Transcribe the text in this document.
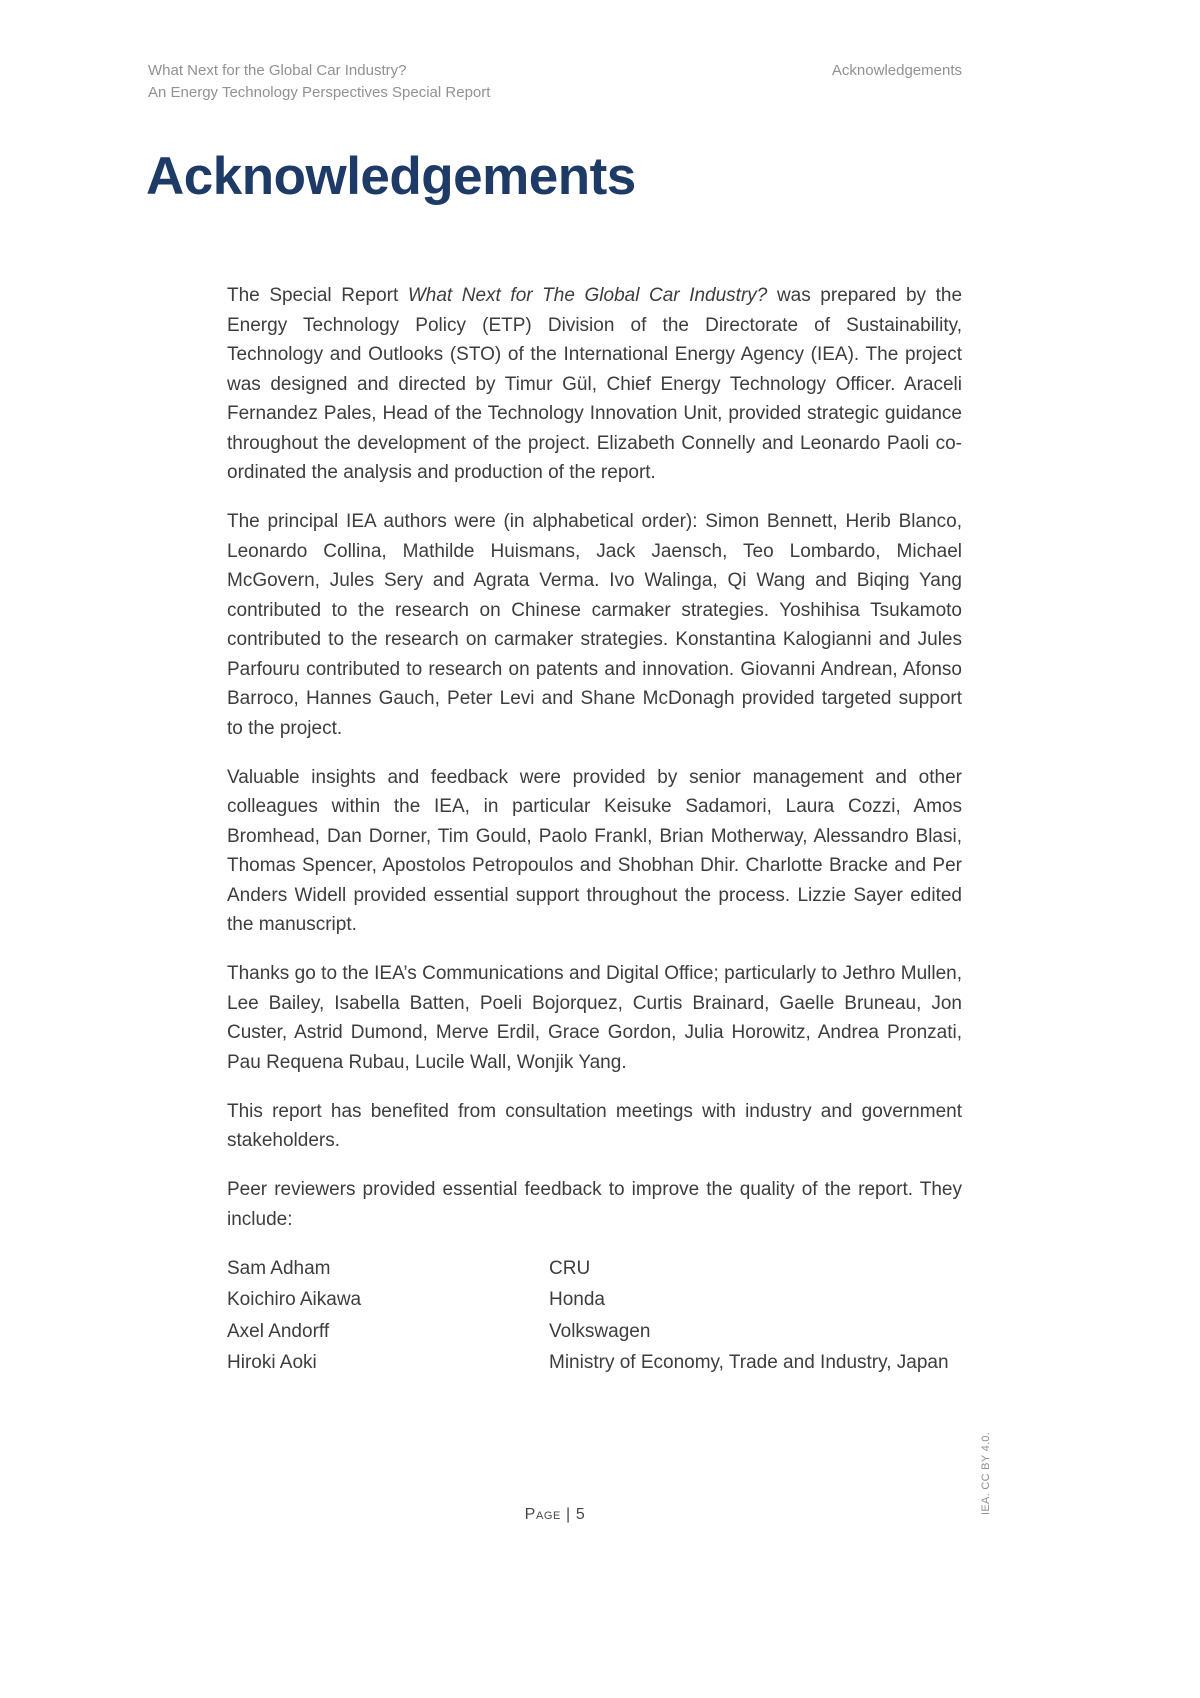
What Next for the Global Car Industry?
An Energy Technology Perspectives Special Report
Acknowledgements
Acknowledgements

The Special Report What Next for The Global Car Industry? was prepared by the Energy Technology Policy (ETP) Division of the Directorate of Sustainability, Technology and Outlooks (STO) of the International Energy Agency (IEA). The project was designed and directed by Timur Gül, Chief Energy Technology Officer. Araceli Fernandez Pales, Head of the Technology Innovation Unit, provided strategic guidance throughout the development of the project. Elizabeth Connelly and Leonardo Paoli co-ordinated the analysis and production of the report.

The principal IEA authors were (in alphabetical order): Simon Bennett, Herib Blanco, Leonardo Collina, Mathilde Huismans, Jack Jaensch, Teo Lombardo, Michael McGovern, Jules Sery and Agrata Verma. Ivo Walinga, Qi Wang and Biqing Yang contributed to the research on Chinese carmaker strategies. Yoshihisa Tsukamoto contributed to the research on carmaker strategies. Konstantina Kalogianni and Jules Parfouru contributed to research on patents and innovation. Giovanni Andrean, Afonso Barroco, Hannes Gauch, Peter Levi and Shane McDonagh provided targeted support to the project.

Valuable insights and feedback were provided by senior management and other colleagues within the IEA, in particular Keisuke Sadamori, Laura Cozzi, Amos Bromhead, Dan Dorner, Tim Gould, Paolo Frankl, Brian Motherway, Alessandro Blasi, Thomas Spencer, Apostolos Petropoulos and Shobhan Dhir. Charlotte Bracke and Per Anders Widell provided essential support throughout the process. Lizzie Sayer edited the manuscript.

Thanks go to the IEA’s Communications and Digital Office; particularly to Jethro Mullen, Lee Bailey, Isabella Batten, Poeli Bojorquez, Curtis Brainard, Gaelle Bruneau, Jon Custer, Astrid Dumond, Merve Erdil, Grace Gordon, Julia Horowitz, Andrea Pronzati, Pau Requena Rubau, Lucile Wall, Wonjik Yang.

This report has benefited from consultation meetings with industry and government stakeholders.

Peer reviewers provided essential feedback to improve the quality of the report. They include:

Sam Adham	CRU
Koichiro Aikawa	Honda
Axel Andorff	Volkswagen
Hiroki Aoki	Ministry of Economy, Trade and Industry, Japan
Page | 5	IEA. CC BY 4.0.
